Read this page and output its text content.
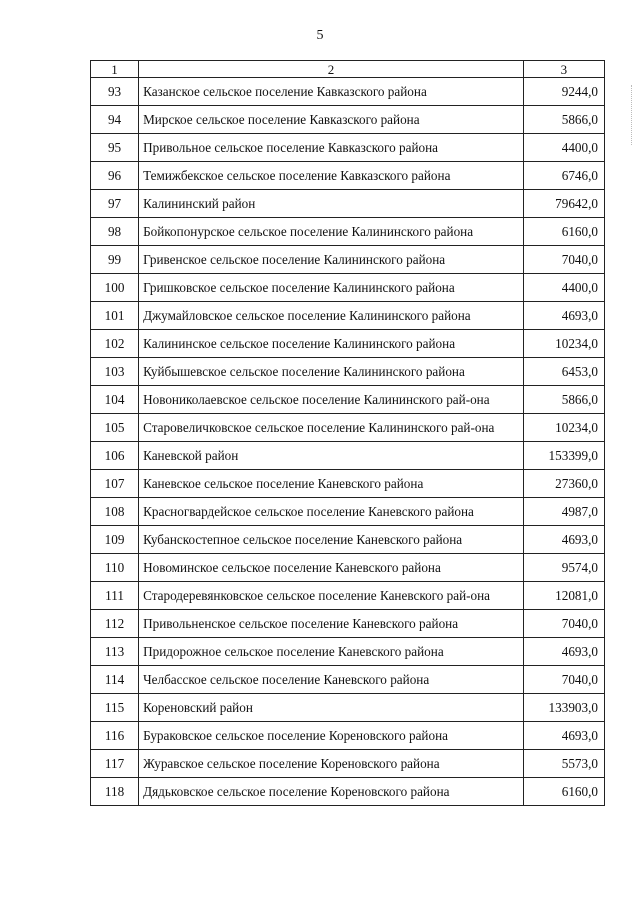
5
1	2	3
93	Казанское сельское поселение Кавказского района	9244,0
94	Мирское сельское поселение Кавказского района	5866,0
95	Привольное сельское поселение Кавказского района	4400,0
96	Темижбекское сельское поселение Кавказского района	6746,0
97	Калининский район	79642,0
98	Бойкопонурское сельское поселение Калининского района	6160,0
99	Гривенское сельское поселение Калининского района	7040,0
100	Гришковское сельское поселение Калининского района	4400,0
101	Джумайловское сельское поселение Калининского района	4693,0
102	Калининское сельское поселение Калининского района	10234,0
103	Куйбышевское сельское поселение Калининского района	6453,0
104	Новониколаевское сельское поселение Калининского рай-она	5866,0
105	Старовеличковское сельское поселение Калининского рай-она	10234,0
106	Каневской район	153399,0
107	Каневское сельское поселение Каневского района	27360,0
108	Красногвардейское сельское поселение Каневского района	4987,0
109	Кубанскостепное сельское поселение Каневского района	4693,0
110	Новоминское сельское поселение Каневского района	9574,0
111	Стародеревянковское сельское поселение Каневского рай-она	12081,0
112	Привольненское сельское поселение Каневского района	7040,0
113	Придорожное сельское поселение Каневского района	4693,0
114	Челбасское сельское поселение Каневского района	7040,0
115	Кореновский район	133903,0
116	Бураковское сельское поселение Кореновского района	4693,0
117	Журавское сельское поселение Кореновского района	5573,0
118	Дядьковское сельское поселение Кореновского района	6160,0
